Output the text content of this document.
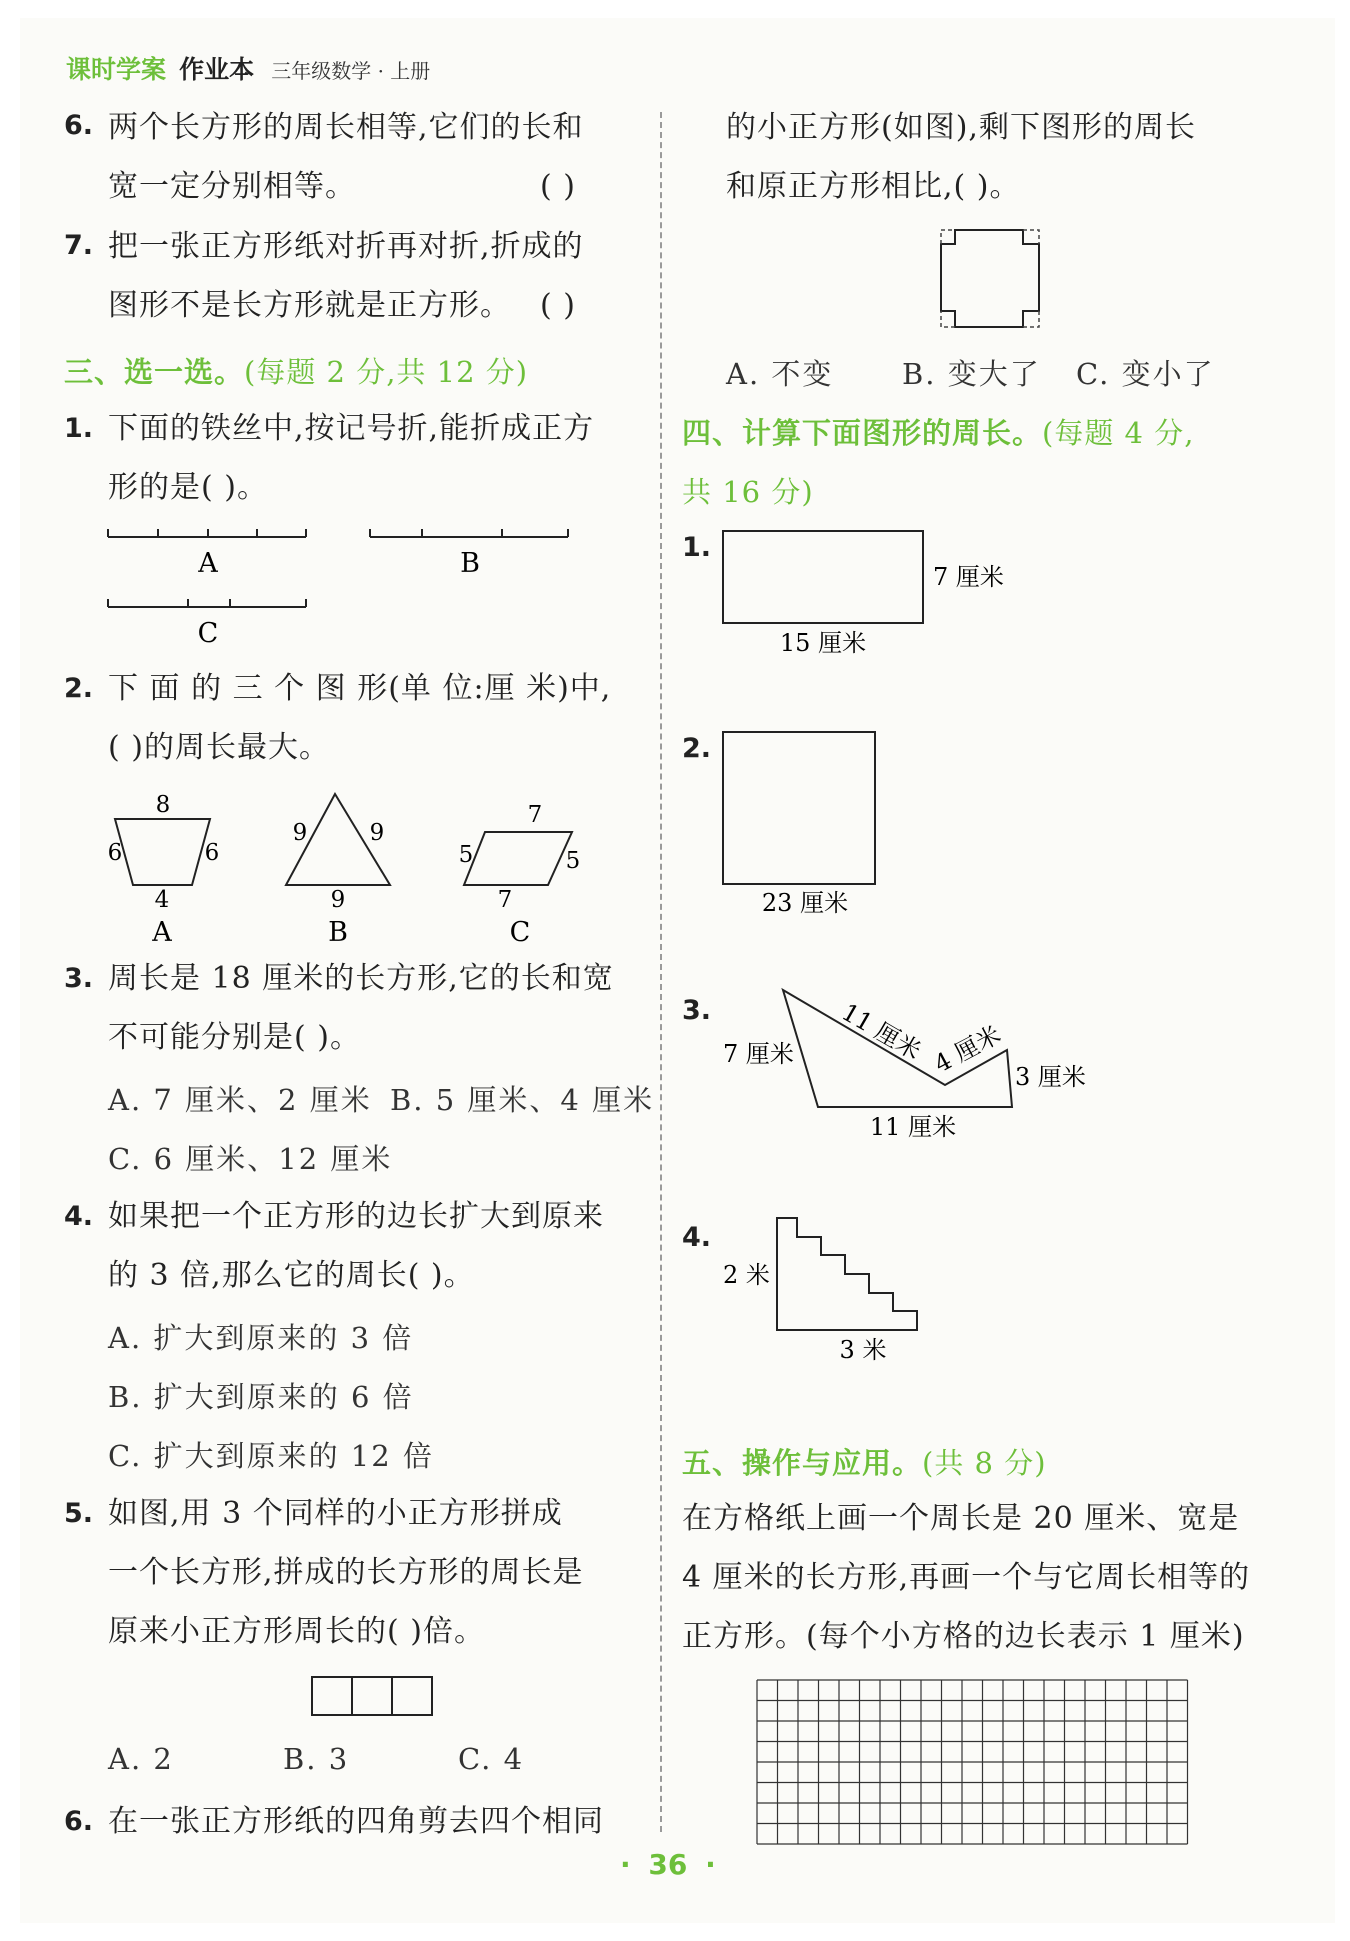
课时学案 作业本 三年级数学 · 上册
6. 两个长方形的周长相等,它们的长和
宽一定分别相等。	( )
7. 把一张正方形纸对折再对折,折成的
图形不是长方形就是正方形。 ( )
三、选一选。(每题 2 分,共 12 分)
1. 下面的铁丝中,按记号折,能折成正方
形的是( )。
A	B
C
2. 下 面 的 三 个 图 形(单 位:厘 米)中,
( )的周长最大。
8
6	6
4
A
9	9
9
B
7
5	5
7
C
3. 周长是 18 厘米的长方形,它的长和宽
不可能分别是( )。
A. 7 厘米、2 厘米 B. 5 厘米、4 厘米
C. 6 厘米、12 厘米
4. 如果把一个正方形的边长扩大到原来
的 3 倍,那么它的周长( )。
A. 扩大到原来的 3 倍
B. 扩大到原来的 6 倍
C. 扩大到原来的 12 倍
5. 如图,用 3 个同样的小正方形拼成
一个长方形,拼成的长方形的周长是
原来小正方形周长的( )倍。
A. 2	B. 3	C. 4
6. 在一张正方形纸的四角剪去四个相同
的小正方形(如图),剩下图形的周长
和原正方形相比,( )。
A. 不变 B. 变大了 C. 变小了
四、计算下面图形的周长。(每题 4 分,
共 16 分)
1.
7 厘米
15 厘米
2.
23 厘米
3.
7 厘米 11 厘米 4 厘米 3 厘米
11 厘米
4.
2 米
3 米
五、操作与应用。(共 8 分)
在方格纸上画一个周长是 20 厘米、宽是
4 厘米的长方形,再画一个与它周长相等的
正方形。(每个小方格的边长表示 1 厘米)
· 36 ·
